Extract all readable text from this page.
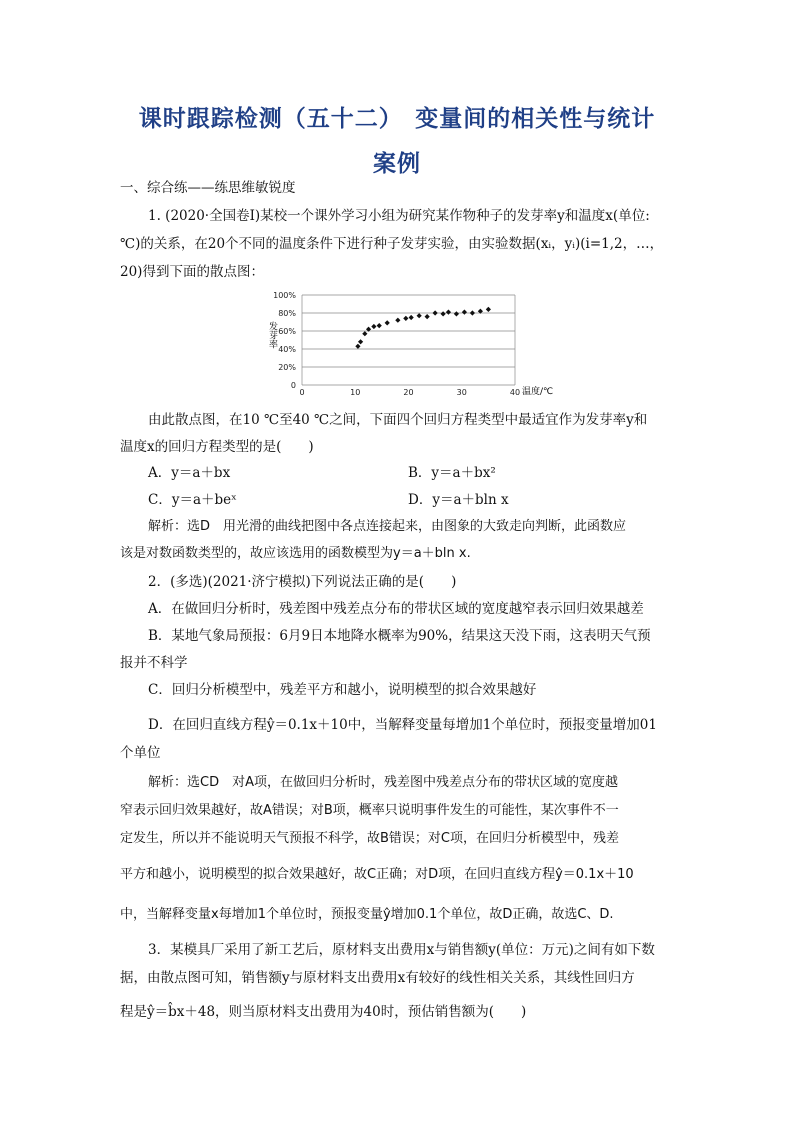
课时跟踪检测（五十二）　变量间的相关性与统计
案例
一、综合练——练思维敏锐度
1. (2020·全国卷Ⅰ)某校一个课外学习小组为研究某作物种子的发芽率y和温度x(单位:
℃)的关系，在20个不同的温度条件下进行种子发芽实验，由实验数据(xᵢ，yᵢ)(i=1,2，…，
20)得到下面的散点图：
0
20%
40%
60%
80%
100%
0	10	20	30	40
发芽率
温度/℃
由此散点图，在10 ℃至40 ℃之间，下面四个回归方程类型中最适宜作为发芽率y和
温度x的回归方程类型的是(　　)
A．y＝a＋bx	B．y＝a＋bx²
C．y＝a＋beˣ	D．y＝a＋bln x
解析：选D　用光滑的曲线把图中各点连接起来，由图象的大致走向判断，此函数应
该是对数函数类型的，故应该选用的函数模型为y＝a＋bln x.
2．(多选)(2021·济宁模拟)下列说法正确的是(　　)
A．在做回归分析时，残差图中残差点分布的带状区域的宽度越窄表示回归效果越差
B．某地气象局预报：6月9日本地降水概率为90%，结果这天没下雨，这表明天气预
报并不科学
C．回归分析模型中，残差平方和越小，说明模型的拟合效果越好
D．在回归直线方程ŷ＝0.1x＋10中，当解释变量每增加1个单位时，预报变量增加01
个单位
解析：选CD　对A项，在做回归分析时，残差图中残差点分布的带状区域的宽度越
窄表示回归效果越好，故A错误；对B项，概率只说明事件发生的可能性，某次事件不一
定发生，所以并不能说明天气预报不科学，故B错误；对C项，在回归分析模型中，残差
平方和越小，说明模型的拟合效果越好，故C正确；对D项，在回归直线方程ŷ＝0.1x＋10
中，当解释变量x每增加1个单位时，预报变量ŷ增加0.1个单位，故D正确，故选C、D.
3．某模具厂采用了新工艺后，原材料支出费用x与销售额y(单位：万元)之间有如下数
据，由散点图可知，销售额y与原材料支出费用x有较好的线性相关关系，其线性回归方
程是ŷ＝b̂x＋48，则当原材料支出费用为40时，预估销售额为(　　)
